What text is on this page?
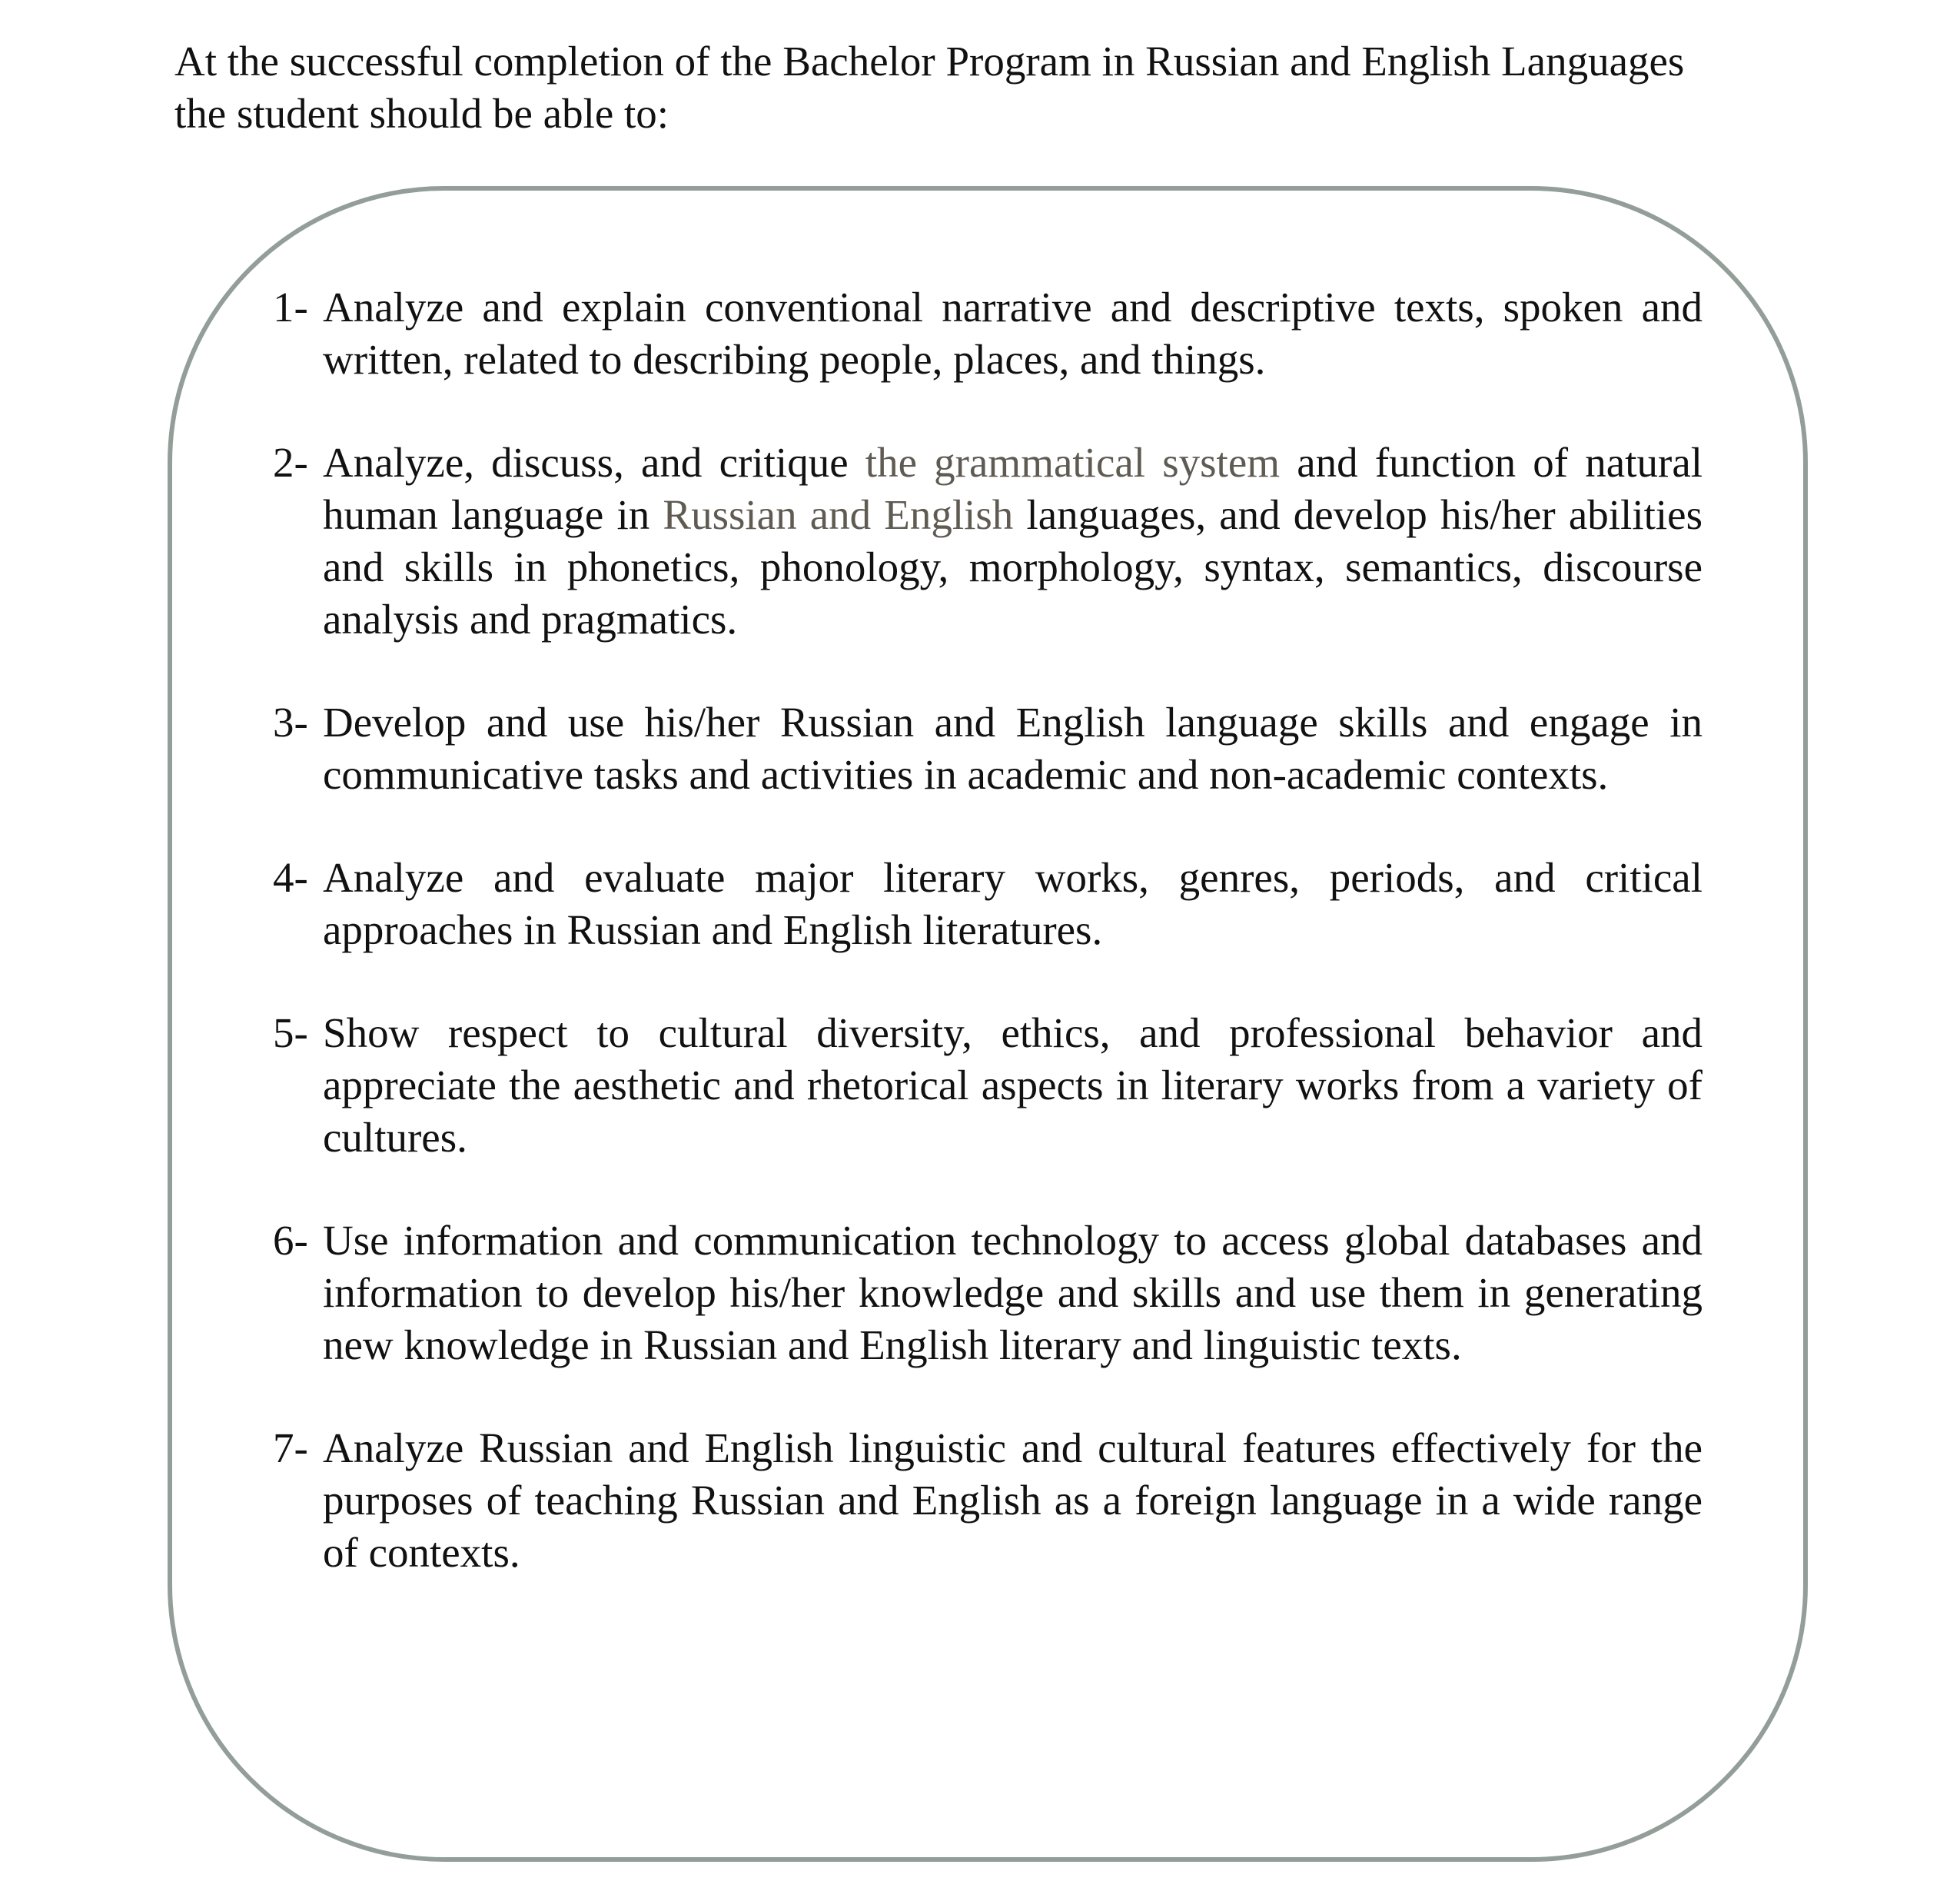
At the successful completion of the Bachelor Program in Russian and English Languages
the student should be able to:

1- Analyze and explain conventional narrative and descriptive texts, spoken and written, related to describing people, places, and things.
2- Analyze, discuss, and critique the grammatical system and function of natural human language in Russian and English languages, and develop his/her abilities and skills in phonetics, phonology, morphology, syntax, semantics, discourse analysis and pragmatics.
3- Develop and use his/her Russian and English language skills and engage in communicative tasks and activities in academic and non-academic contexts.
4- Analyze and evaluate major literary works, genres, periods, and critical approaches in Russian and English literatures.
5- Show respect to cultural diversity, ethics, and professional behavior and appreciate the aesthetic and rhetorical aspects in literary works from a variety of cultures.
6- Use information and communication technology to access global databases and information to develop his/her knowledge and skills and use them in generating new knowledge in Russian and English literary and linguistic texts.
7- Analyze Russian and English linguistic and cultural features effectively for the purposes of teaching Russian and English as a foreign language in a wide range of contexts.
